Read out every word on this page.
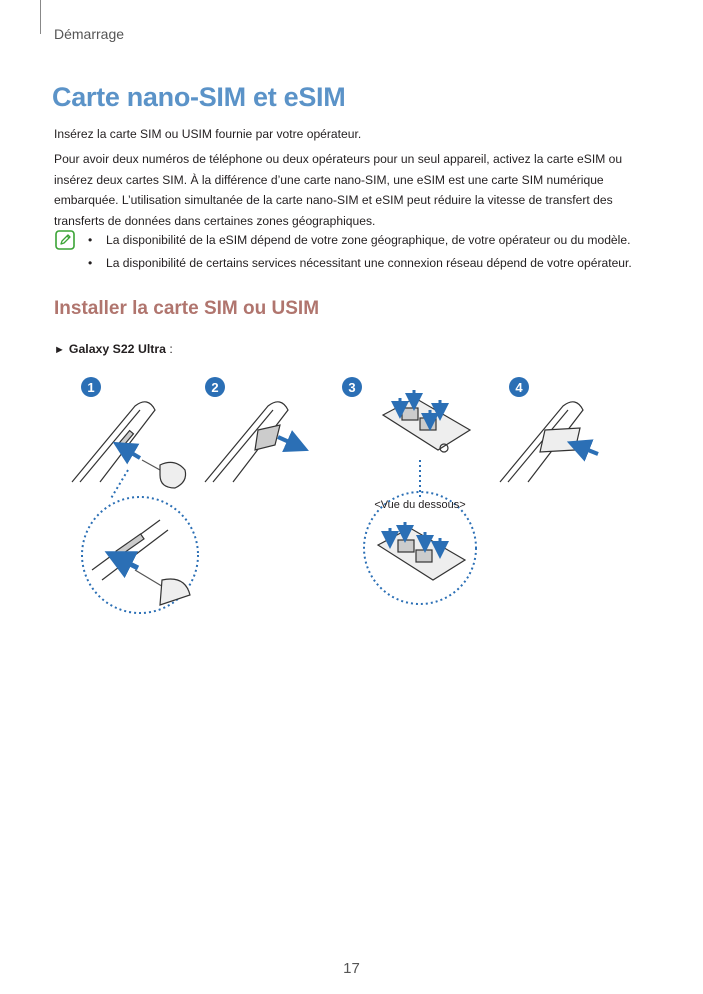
Démarrage
Carte nano-SIM et eSIM

Insérez la carte SIM ou USIM fournie par votre opérateur.

Pour avoir deux numéros de téléphone ou deux opérateurs pour un seul appareil, activez la carte eSIM ou insérez deux cartes SIM. À la différence d’une carte nano-SIM, une eSIM est une carte SIM numérique embarquée. L’utilisation simultanée de la carte nano-SIM et eSIM peut réduire la vitesse de transfert des transferts de données dans certaines zones géographiques.

• La disponibilité de la eSIM dépend de votre zone géographique, de votre opérateur ou du modèle.
• La disponibilité de certains services nécessitant une connexion réseau dépend de votre opérateur.
Installer la carte SIM ou USIM
► Galaxy S22 Ultra :
1	2	3	4
<Vue du dessous>
17
